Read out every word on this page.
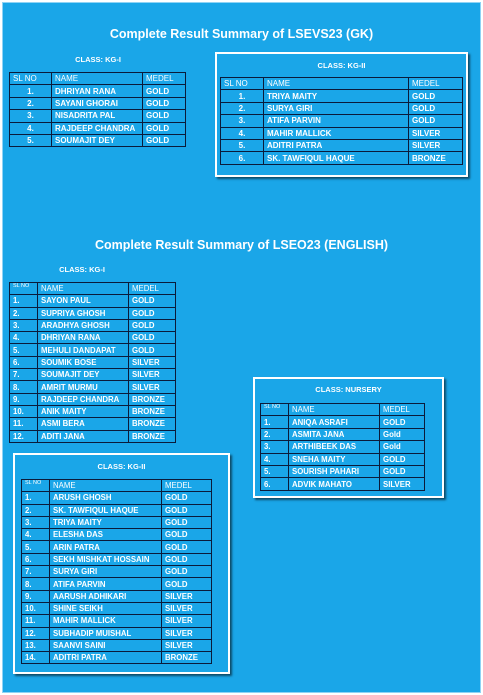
Complete Result Summary of LSEVS23 (GK)
CLASS: KG-I
SL NO	NAME	MEDEL
1.	DHRIYAN RANA	GOLD
2.	SAYANI GHORAI	GOLD
3.	NISADRITA PAL	GOLD
4.	RAJDEEP CHANDRA	GOLD
5.	SOUMAJIT DEY	GOLD
CLASS: KG-II
SL NO	NAME	MEDEL
1.	TRIYA MAITY	GOLD
2.	SURYA GIRI	GOLD
3.	ATIFA PARVIN	GOLD
4.	MAHIR MALLICK	SILVER
5.	ADITRI PATRA	SILVER
6.	SK. TAWFIQUL HAQUE	BRONZE
Complete Result Summary of LSEO23 (ENGLISH)
CLASS: KG-I
SL NO	NAME	MEDEL
1.	SAYON PAUL	GOLD
2.	SUPRIYA GHOSH	GOLD
3.	ARADHYA GHOSH	GOLD
4.	DHRIYAN RANA	GOLD
5.	MEHULI DANDAPAT	GOLD
6.	SOUMIK BOSE	SILVER
7.	SOUMAJIT DEY	SILVER
8.	AMRIT MURMU	SILVER
9.	RAJDEEP CHANDRA	BRONZE
10.	ANIK MAITY	BRONZE
11.	ASMI BERA	BRONZE
12.	ADITI JANA	BRONZE
CLASS: NURSERY
SL NO	NAME	MEDEL
1.	ANIQA ASRAFI	GOLD
2.	ASMITA JANA	Gold
3.	ARTHIBEEK DAS	Gold
4.	SNEHA MAITY	GOLD
5.	SOURISH PAHARI	GOLD
6.	ADVIK MAHATO	SILVER
CLASS: KG-II
SL NO	NAME	MEDEL
1.	ARUSH GHOSH	GOLD
2.	SK. TAWFIQUL HAQUE	GOLD
3.	TRIYA MAITY	GOLD
4.	ELESHA DAS	GOLD
5.	ARIN PATRA	GOLD
6.	SEKH MISHKAT HOSSAIN	GOLD
7.	SURYA GIRI	GOLD
8.	ATIFA PARVIN	GOLD
9.	AARUSH ADHIKARI	SILVER
10.	SHINE SEIKH	SILVER
11.	MAHIR MALLICK	SILVER
12.	SUBHADIP MUISHAL	SILVER
13.	SAANVI SAINI	SILVER
14.	ADITRI PATRA	BRONZE
